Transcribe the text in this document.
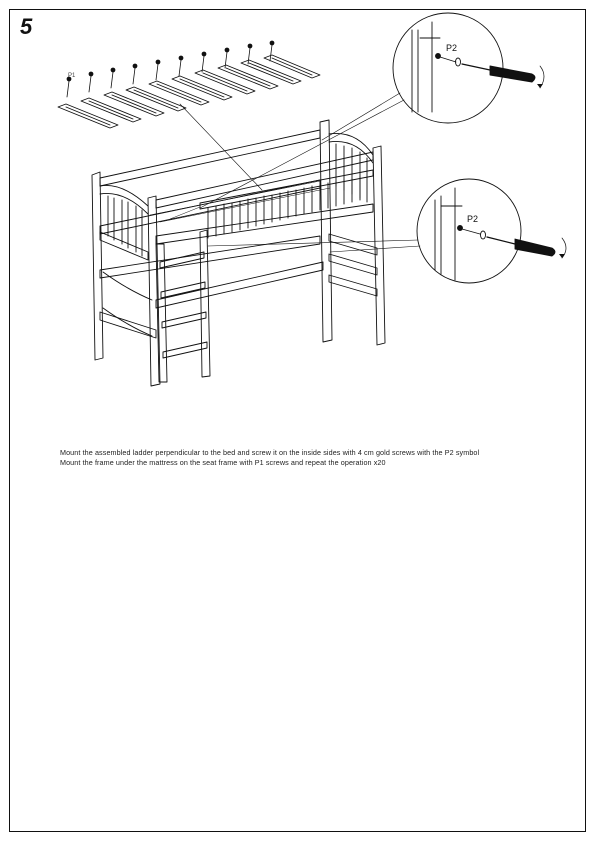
5
P1
P2
P2

Mount the assembled ladder perpendicular to the bed and screw it on the inside sides with 4 cm gold screws with the P2 symbol

Mount the frame under the mattress on the seat frame with P1 screws and repeat the operation x20
